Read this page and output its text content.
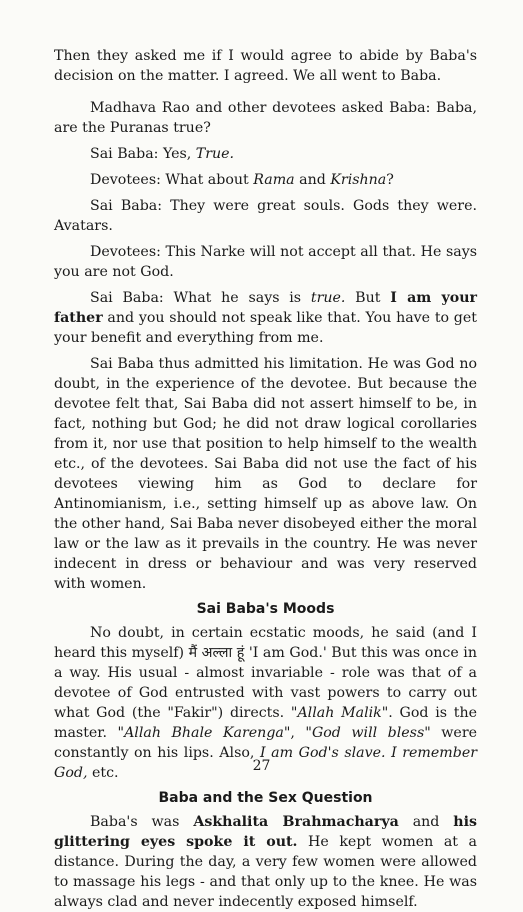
Then they asked me if I would agree to abide by Baba's decision on the matter. I agreed. We all went to Baba.

Madhava Rao and other devotees asked Baba: Baba, are the Puranas true?

Sai Baba: Yes, True.

Devotees: What about Rama and Krishna?

Sai Baba: They were great souls. Gods they were. Avatars.

Devotees: This Narke will not accept all that. He says you are not God.

Sai Baba: What he says is true. But I am your father and you should not speak like that. You have to get your benefit and everything from me.

Sai Baba thus admitted his limitation. He was God no doubt, in the experience of the devotee. But because the devotee felt that, Sai Baba did not assert himself to be, in fact, nothing but God; he did not draw logical corollaries from it, nor use that position to help himself to the wealth etc., of the devotees. Sai Baba did not use the fact of his devotees viewing him as God to declare for Antinomianism, i.e., setting himself up as above law. On the other hand, Sai Baba never disobeyed either the moral law or the law as it prevails in the country. He was never indecent in dress or behaviour and was very reserved with women.

Sai Baba's Moods

No doubt, in certain ecstatic moods, he said (and I heard this myself) मैं अल्ला हूं 'I am God.' But this was once in a way. His usual - almost invariable - role was that of a devotee of God entrusted with vast powers to carry out what God (the "Fakir") directs. "Allah Malik". God is the master. "Allah Bhale Karenga", "God will bless" were constantly on his lips. Also, I am God's slave. I remember God, etc.

Baba and the Sex Question

Baba's was Askhalita Brahmacharya and his glittering eyes spoke it out. He kept women at a distance. During the day, a very few women were allowed to massage his legs - and that only up to the knee. He was always clad and never indecently exposed himself.

27
